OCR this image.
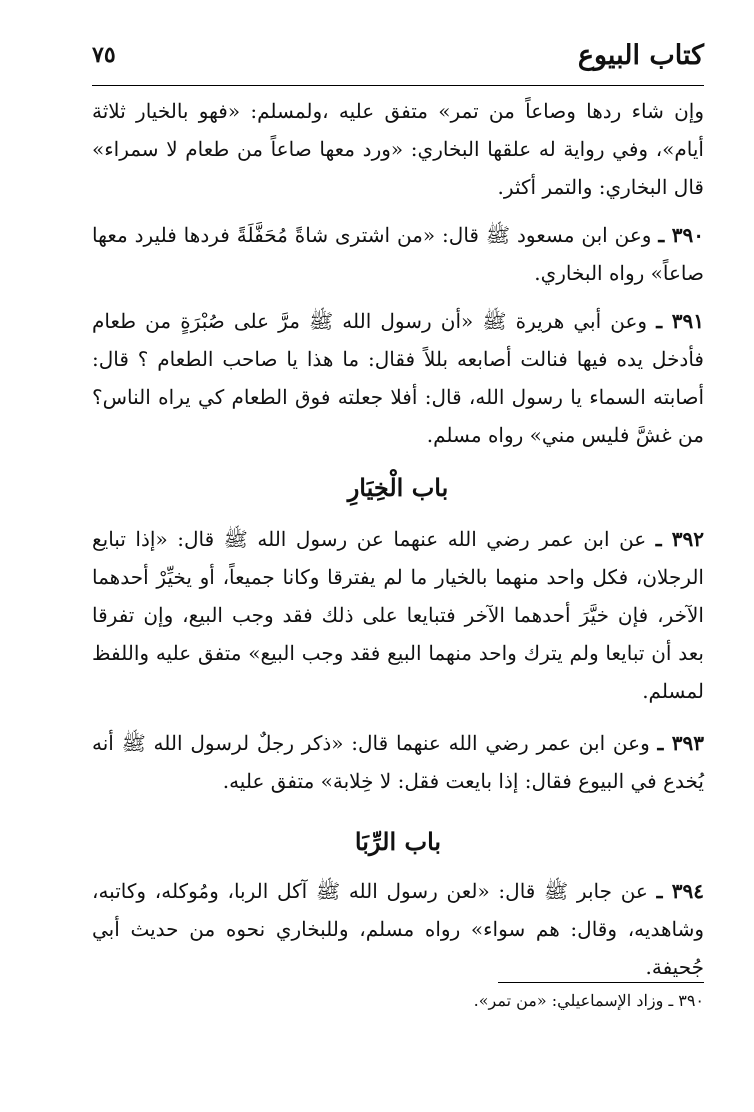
كتاب البيوع
٧٥

وإن شاء ردها وصاعاً من تمر» متفق عليه ،ولمسلم: «فهو بالخيار ثلاثة أيام»، وفي رواية له علقها البخاري: «ورد معها صاعاً من طعام لا سمراء» قال البخاري: والتمر أكثر.

٣٩٠ ـ وعن ابن مسعود ﷺ قال: «من اشترى شاةً مُحَفَّلَةً فردها فليرد معها صاعاً» رواه البخاري.

٣٩١ ـ وعن أبي هريرة ﷺ «أن رسول الله ﷺ مرَّ على صُبْرَةٍ من طعام فأدخل يده فيها فنالت أصابعه بللاً فقال: ما هذا يا صاحب الطعام ؟ قال: أصابته السماء يا رسول الله، قال: أفلا جعلته فوق الطعام كي يراه الناس؟ من غشَّ فليس مني» رواه مسلم.

باب الْخِيَارِ

٣٩٢ ـ عن ابن عمر رضي الله عنهما عن رسول الله ﷺ قال: «إذا تبايع الرجلان، فكل واحد منهما بالخيار ما لم يفترقا وكانا جميعاً، أو يخيِّرْ أحدهما الآخر، فإن خيَّرَ أحدهما الآخر فتبايعا على ذلك فقد وجب البيع، وإن تفرقا بعد أن تبايعا ولم يترك واحد منهما البيع فقد وجب البيع» متفق عليه واللفظ لمسلم.

٣٩٣ ـ وعن ابن عمر رضي الله عنهما قال: «ذكر رجلٌ لرسول الله ﷺ أنه يُخدع في البيوع فقال: إذا بايعت فقل: لا خِلابة» متفق عليه.

باب الرِّبَا

٣٩٤ ـ عن جابر ﷺ قال: «لعن رسول الله ﷺ آكل الربا، ومُوكله، وكاتبه، وشاهديه، وقال: هم سواء» رواه مسلم، وللبخاري نحوه من حديث أبي جُحيفة.

٣٩٠ ـ وزاد الإسماعيلي: «من تمر».
